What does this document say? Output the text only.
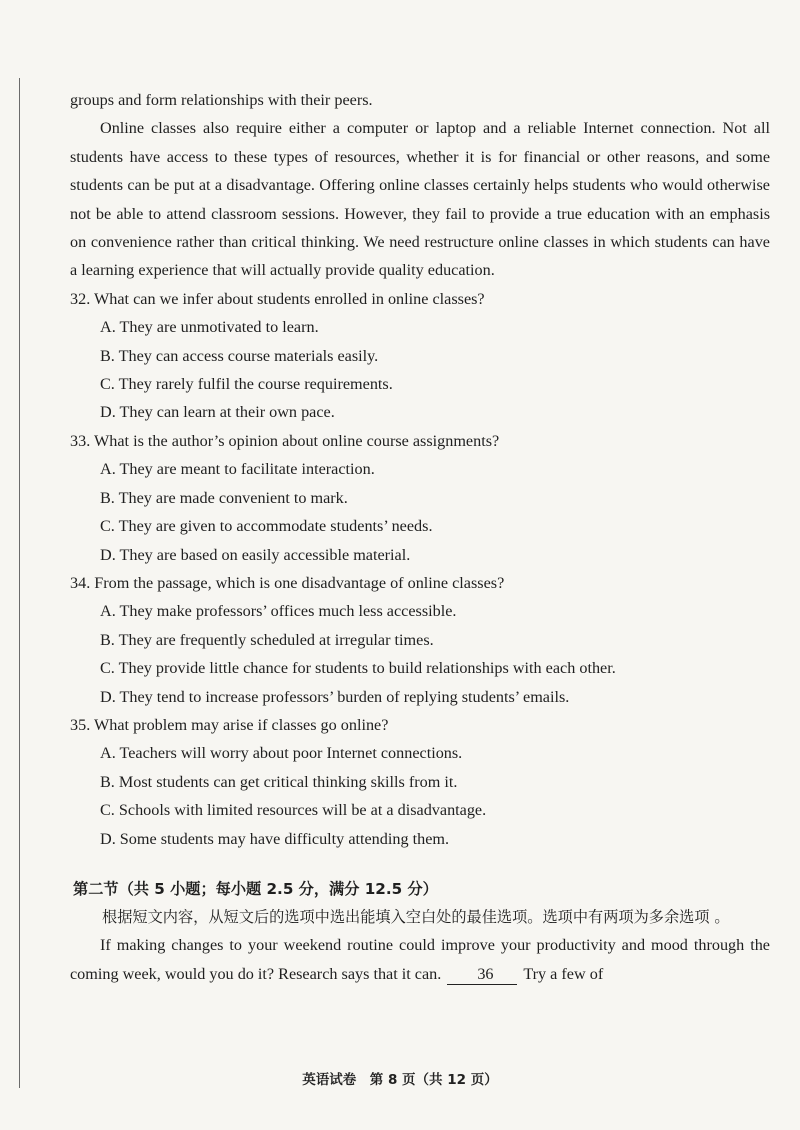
groups and form relationships with their peers.

Online classes also require either a computer or laptop and a reliable Internet connection. Not all students have access to these types of resources, whether it is for financial or other reasons, and some students can be put at a disadvantage. Offering online classes certainly helps students who would otherwise not be able to attend classroom sessions. However, they fail to provide a true education with an emphasis on convenience rather than critical thinking. We need restructure online classes in which students can have a learning experience that will actually provide quality education.

32. What can we infer about students enrolled in online classes?

A. They are unmotivated to learn.

B. They can access course materials easily.

C. They rarely fulfil the course requirements.

D. They can learn at their own pace.

33. What is the author’s opinion about online course assignments?

A. They are meant to facilitate interaction.

B. They are made convenient to mark.

C. They are given to accommodate students’ needs.

D. They are based on easily accessible material.

34. From the passage, which is one disadvantage of online classes?

A. They make professors’ offices much less accessible.

B. They are frequently scheduled at irregular times.

C. They provide little chance for students to build relationships with each other.

D. They tend to increase professors’ burden of replying students’ emails.

35. What problem may arise if classes go online?

A. Teachers will worry about poor Internet connections.

B. Most students can get critical thinking skills from it.

C. Schools with limited resources will be at a disadvantage.

D. Some students may have difficulty attending them.

第二节（共 5 小题；每小题 2.5 分，满分 12.5 分）

根据短文内容，从短文后的选项中选出能填入空白处的最佳选项。选项中有两项为多余选项 。

If making changes to your weekend routine could improve your productivity and mood through the coming week, would you do it? Research says that it can. 36 Try a few of

英语试卷　第 8 页（共 12 页）
